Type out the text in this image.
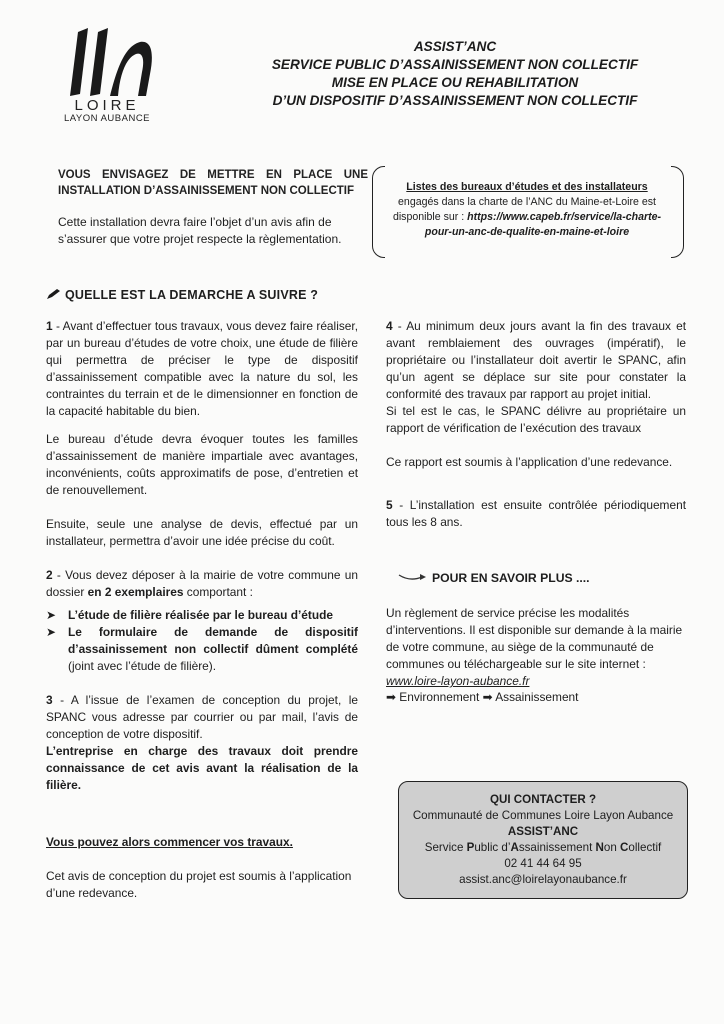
LOIRE
LAYON AUBANCE
ASSIST’ANC
SERVICE PUBLIC D’ASSAINISSEMENT NON COLLECTIF
MISE EN PLACE OU REHABILITATION
D’UN DISPOSITIF D’ASSAINISSEMENT NON COLLECTIF
VOUS ENVISAGEZ DE METTRE EN PLACE UNE INSTALLATION D’ASSAINISSEMENT NON COLLECTIF
Cette installation devra faire l’objet d’un avis afin de s’assurer que votre projet respecte la règlementation.
Listes des bureaux d’études et des installateurs engagés dans la charte de l’ANC du Maine-et-Loire est disponible sur : https://www.capeb.fr/service/la-charte-pour-un-anc-de-qualite-en-maine-et-loire
QUELLE EST LA DEMARCHE A SUIVRE ?

1 - Avant d’effectuer tous travaux, vous devez faire réaliser, par un bureau d’études de votre choix, une étude de filière qui permettra de préciser le type de dispositif d’assainissement compatible avec la nature du sol, les contraintes du terrain et de le dimensionner en fonction de la capacité habitable du bien.

Le bureau d’étude devra évoquer toutes les familles d’assainissement de manière impartiale avec avantages, inconvénients, coûts approximatifs de pose, d’entretien et de renouvellement.

Ensuite, seule une analyse de devis, effectué par un installateur, permettra d’avoir une idée précise du coût.

2 - Vous devez déposer à la mairie de votre commune un dossier en 2 exemplaires comportant :

➤ L’étude de filière réalisée par le bureau d’étude
➤ Le formulaire de demande de dispositif d’assainissement non collectif dûment complété (joint avec l’étude de filière).

3 - A l’issue de l’examen de conception du projet, le SPANC vous adresse par courrier ou par mail, l’avis de conception de votre dispositif.

L’entreprise en charge des travaux doit prendre connaissance de cet avis avant la réalisation de la filière.

Vous pouvez alors commencer vos travaux.

Cet avis de conception du projet est soumis à l’application d’une redevance.

4 - Au minimum deux jours avant la fin des travaux et avant remblaiement des ouvrages (impératif), le propriétaire ou l’installateur doit avertir le SPANC, afin qu’un agent se déplace sur site pour constater la conformité des travaux par rapport au projet initial.

Si tel est le cas, le SPANC délivre au propriétaire un rapport de vérification de l’exécution des travaux

Ce rapport est soumis à l’application d’une redevance.

5 - L’installation est ensuite contrôlée périodiquement tous les 8 ans.

POUR EN SAVOIR PLUS ....
Un règlement de service précise les modalités d’interventions. Il est disponible sur demande à la mairie de votre commune, au siège de la communauté de communes ou téléchargeable sur le site internet :
www.loire-layon-aubance.fr
➡ Environnement ➡ Assainissement
QUI CONTACTER ?
Communauté de Communes Loire Layon Aubance
ASSIST’ANC
Service Public d’Assainissement Non Collectif
02 41 44 64 95
assist.anc@loirelayonaubance.fr
